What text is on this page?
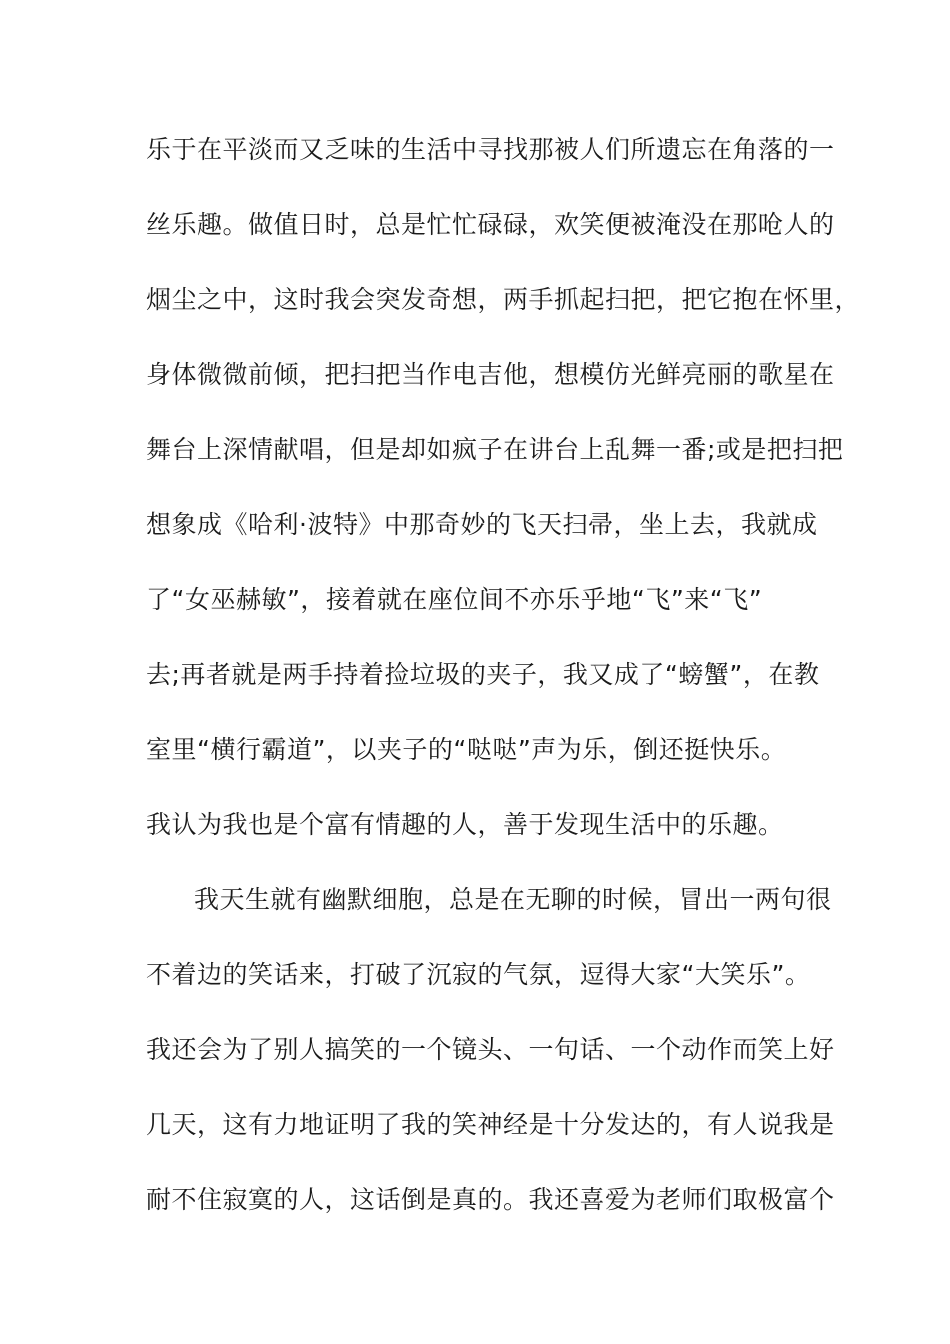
乐于在平淡而又乏味的生活中寻找那被人们所遗忘在角落的一
丝乐趣。做值日时，总是忙忙碌碌，欢笑便被淹没在那呛人的
烟尘之中，这时我会突发奇想，两手抓起扫把，把它抱在怀里，
身体微微前倾，把扫把当作电吉他，想模仿光鲜亮丽的歌星在
舞台上深情献唱，但是却如疯子在讲台上乱舞一番;或是把扫把
想象成《哈利·波特》中那奇妙的飞天扫帚，坐上去，我就成
了“女巫赫敏”，接着就在座位间不亦乐乎地“飞”来“飞”
去;再者就是两手持着捡垃圾的夹子，我又成了“螃蟹”，在教
室里“横行霸道”，以夹子的“哒哒”声为乐，倒还挺快乐。
我认为我也是个富有情趣的人，善于发现生活中的乐趣。
我天生就有幽默细胞，总是在无聊的时候，冒出一两句很
不着边的笑话来，打破了沉寂的气氛，逗得大家“大笑乐”。
我还会为了别人搞笑的一个镜头、一句话、一个动作而笑上好
几天，这有力地证明了我的笑神经是十分发达的，有人说我是
耐不住寂寞的人，这话倒是真的。我还喜爱为老师们取极富个
